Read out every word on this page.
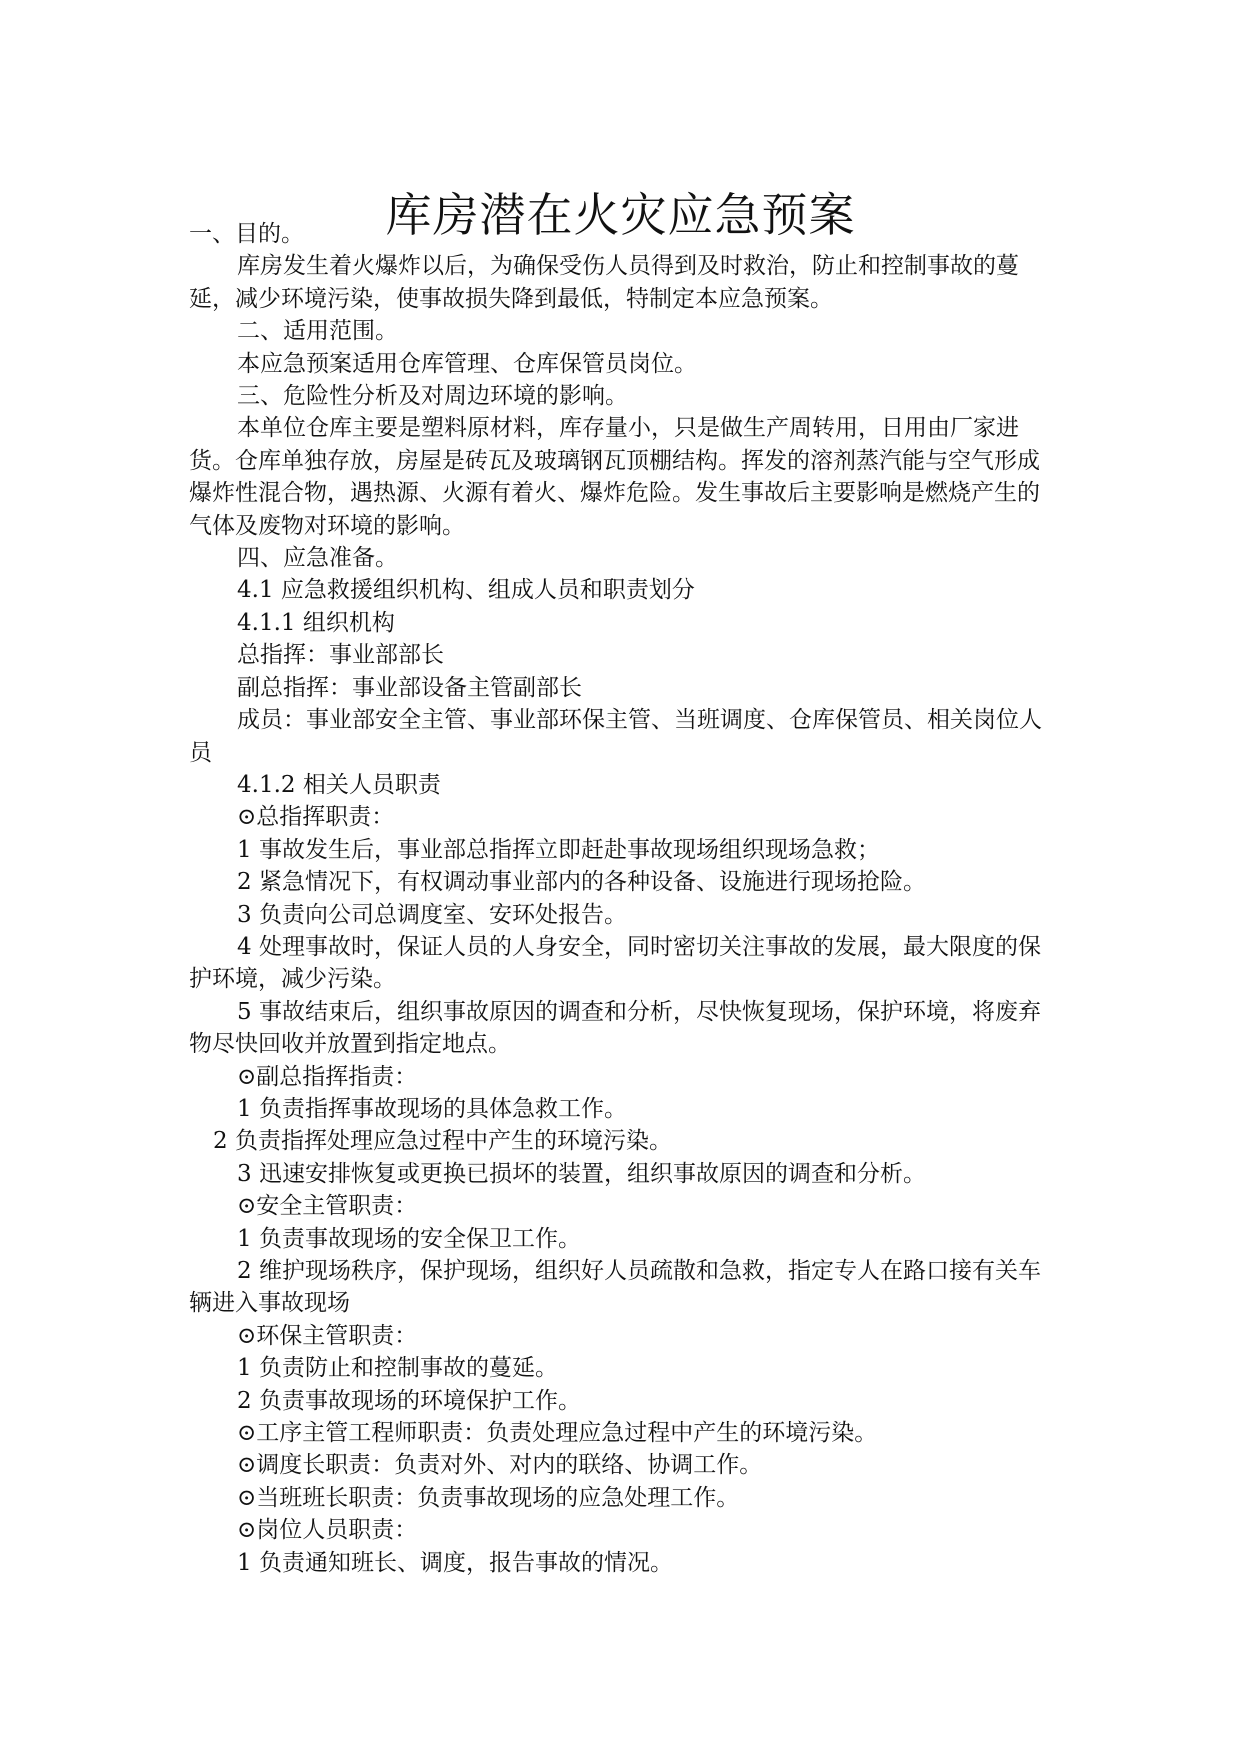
库房潜在火灾应急预案

一、目的。

库房发生着火爆炸以后，为确保受伤人员得到及时救治，防止和控制事故的蔓延，减少环境污染，使事故损失降到最低，特制定本应急预案。

二、适用范围。

本应急预案适用仓库管理、仓库保管员岗位。

三、危险性分析及对周边环境的影响。

本单位仓库主要是塑料原材料，库存量小，只是做生产周转用，日用由厂家进货。仓库单独存放，房屋是砖瓦及玻璃钢瓦顶棚结构。挥发的溶剂蒸汽能与空气形成爆炸性混合物，遇热源、火源有着火、爆炸危险。发生事故后主要影响是燃烧产生的气体及废物对环境的影响。

四、应急准备。

4.1 应急救援组织机构、组成人员和职责划分

4.1.1 组织机构

总指挥：事业部部长

副总指挥：事业部设备主管副部长

成员：事业部安全主管、事业部环保主管、当班调度、仓库保管员、相关岗位人员

4.1.2 相关人员职责

⊙总指挥职责：

1 事故发生后，事业部总指挥立即赶赴事故现场组织现场急救；

2 紧急情况下，有权调动事业部内的各种设备、设施进行现场抢险。

3 负责向公司总调度室、安环处报告。

4 处理事故时，保证人员的人身安全，同时密切关注事故的发展，最大限度的保护环境，减少污染。

5 事故结束后，组织事故原因的调查和分析，尽快恢复现场，保护环境，将废弃物尽快回收并放置到指定地点。

⊙副总指挥指责：

1 负责指挥事故现场的具体急救工作。

2 负责指挥处理应急过程中产生的环境污染。

3 迅速安排恢复或更换已损坏的装置，组织事故原因的调查和分析。

⊙安全主管职责：

1 负责事故现场的安全保卫工作。

2 维护现场秩序，保护现场，组织好人员疏散和急救，指定专人在路口接有关车辆进入事故现场

⊙环保主管职责：

1 负责防止和控制事故的蔓延。

2 负责事故现场的环境保护工作。

⊙工序主管工程师职责：负责处理应急过程中产生的环境污染。

⊙调度长职责：负责对外、对内的联络、协调工作。

⊙当班班长职责：负责事故现场的应急处理工作。

⊙岗位人员职责：

1 负责通知班长、调度，报告事故的情况。
